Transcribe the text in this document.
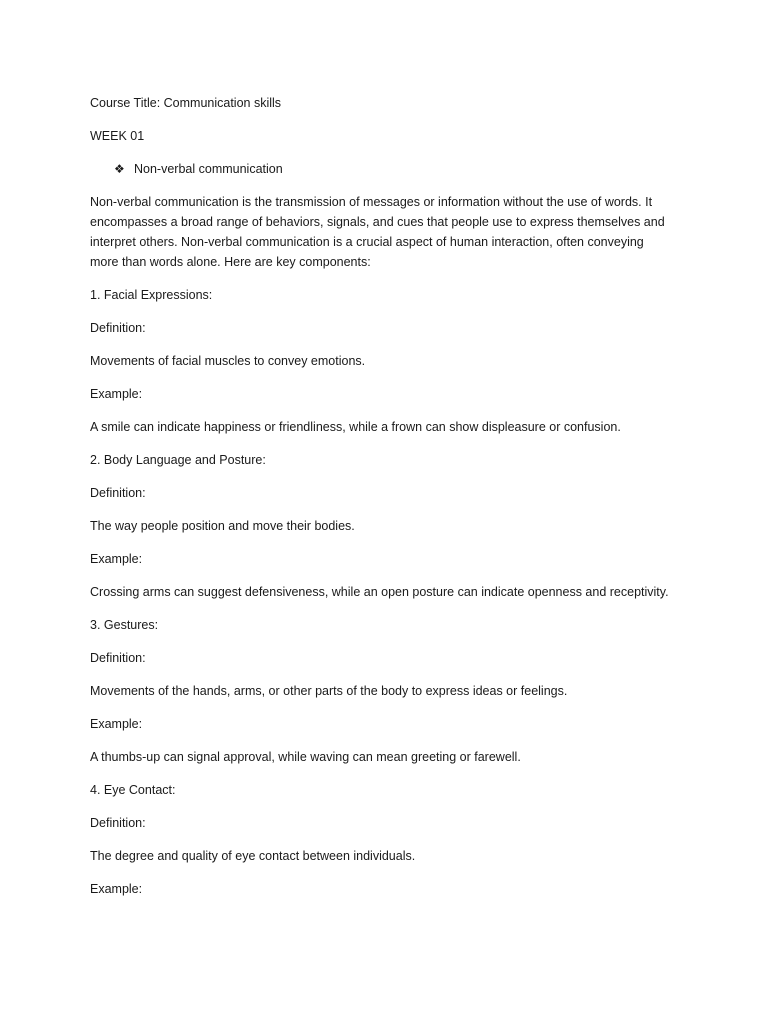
Course Title: Communication skills
WEEK 01
❖ Non-verbal communication
Non-verbal communication is the transmission of messages or information without the use of words. It encompasses a broad range of behaviors, signals, and cues that people use to express themselves and interpret others. Non-verbal communication is a crucial aspect of human interaction, often conveying more than words alone. Here are key components:
1. Facial Expressions:
Definition:
Movements of facial muscles to convey emotions.
Example:
A smile can indicate happiness or friendliness, while a frown can show displeasure or confusion.
2. Body Language and Posture:
Definition:
The way people position and move their bodies.
Example:
Crossing arms can suggest defensiveness, while an open posture can indicate openness and receptivity.
3. Gestures:
Definition:
Movements of the hands, arms, or other parts of the body to express ideas or feelings.
Example:
A thumbs-up can signal approval, while waving can mean greeting or farewell.
4. Eye Contact:
Definition:
The degree and quality of eye contact between individuals.
Example:
